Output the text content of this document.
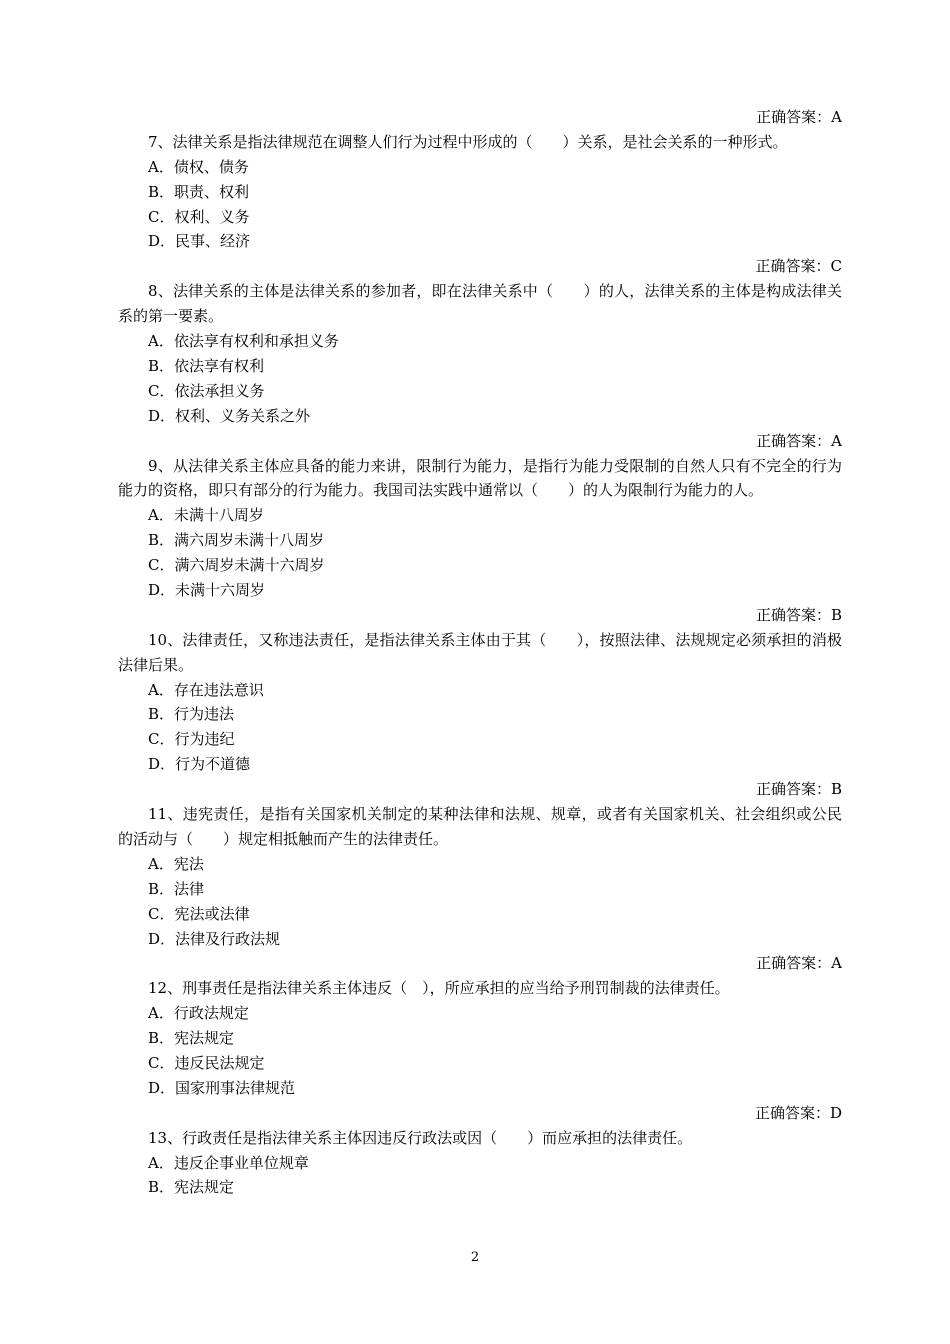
正确答案：A
7、法律关系是指法律规范在调整人们行为过程中形成的（　　）关系，是社会关系的一种形式。
A．债权、债务
B．职责、权利
C．权利、义务
D．民事、经济
正确答案：C
8、法律关系的主体是法律关系的参加者，即在法律关系中（　　）的人，法律关系的主体是构成法律关系的第一要素。
A．依法享有权利和承担义务
B．依法享有权利
C．依法承担义务
D．权利、义务关系之外
正确答案：A
9、从法律关系主体应具备的能力来讲，限制行为能力，是指行为能力受限制的自然人只有不完全的行为能力的资格，即只有部分的行为能力。我国司法实践中通常以（　　）的人为限制行为能力的人。
A．未满十八周岁
B．满六周岁未满十八周岁
C．满六周岁未满十六周岁
D．未满十六周岁
正确答案：B
10、法律责任，又称违法责任，是指法律关系主体由于其（　　），按照法律、法规规定必须承担的消极法律后果。
A．存在违法意识
B．行为违法
C．行为违纪
D．行为不道德
正确答案：B
11、违宪责任，是指有关国家机关制定的某种法律和法规、规章，或者有关国家机关、社会组织或公民的活动与（　　）规定相抵触而产生的法律责任。
A．宪法
B．法律
C．宪法或法律
D．法律及行政法规
正确答案：A
12、刑事责任是指法律关系主体违反（　），所应承担的应当给予刑罚制裁的法律责任。
A．行政法规定
B．宪法规定
C．违反民法规定
D．国家刑事法律规范
正确答案：D
13、行政责任是指法律关系主体因违反行政法或因（　　）而应承担的法律责任。
A．违反企事业单位规章
B．宪法规定
2
